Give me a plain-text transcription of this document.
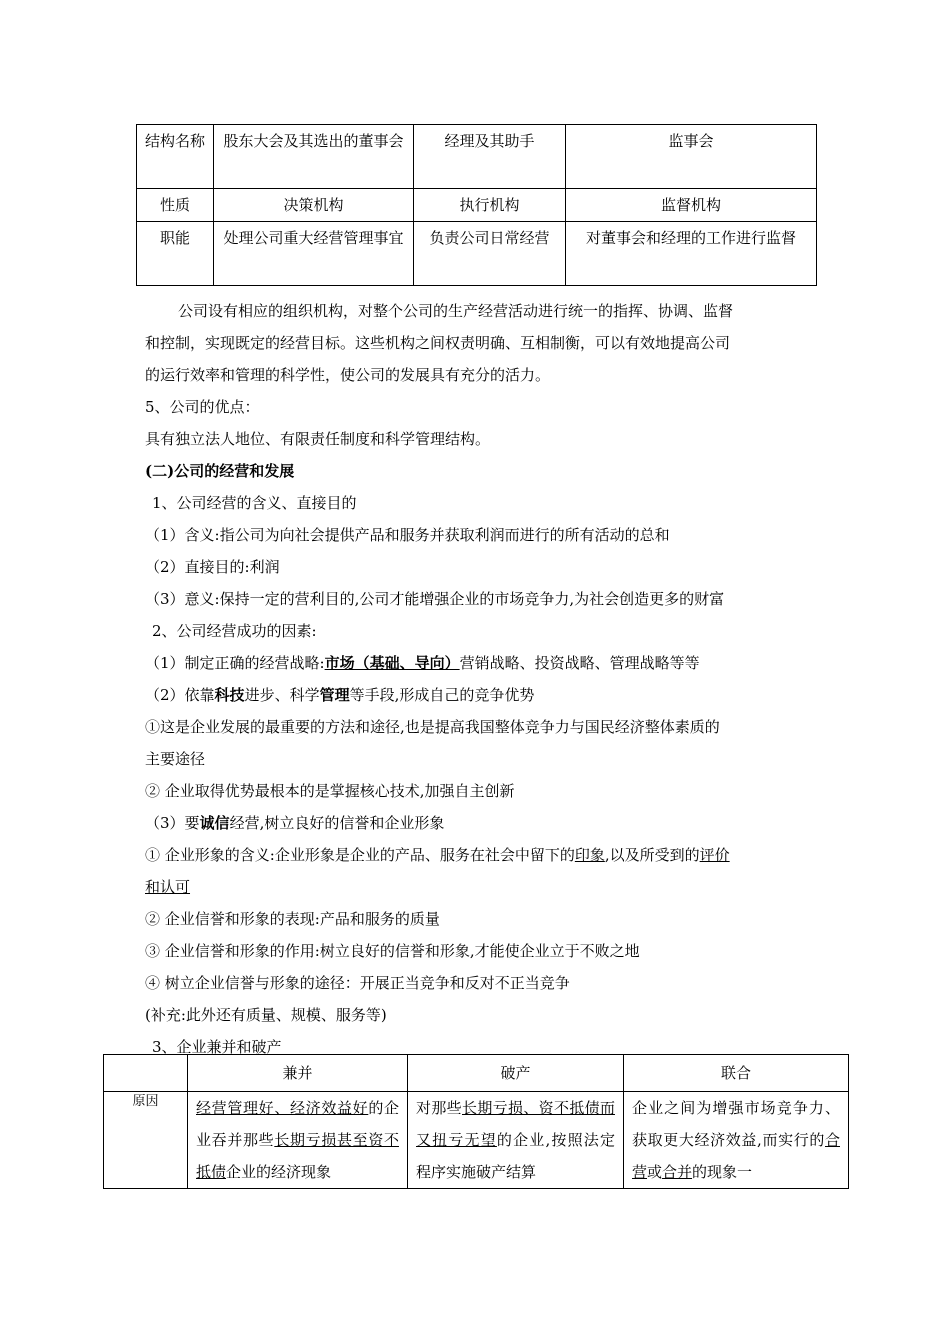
结构名称	股东大会及其选出的董事会	经理及其助手	监事会
性质	决策机构	执行机构	监督机构
职能	处理公司重大经营管理事宜	负责公司日常经营	对董事会和经理的工作进行监督
公司设有相应的组织机构，对整个公司的生产经营活动进行统一的指挥、协调、监督
和控制，实现既定的经营目标。这些机构之间权责明确、互相制衡，可以有效地提高公司
的运行效率和管理的科学性，使公司的发展具有充分的活力。
5、公司的优点：
具有独立法人地位、有限责任制度和科学管理结构。
(二)公司的经营和发展
1、公司经营的含义、直接目的
（1）含义:指公司为向社会提供产品和服务并获取利润而进行的所有活动的总和
（2）直接目的:利润
（3）意义:保持一定的营利目的,公司才能增强企业的市场竞争力,为社会创造更多的财富
2、公司经营成功的因素:
（1）制定正确的经营战略:市场（基础、导向）营销战略、投资战略、管理战略等等
（2）依靠科技进步、科学管理等手段,形成自己的竞争优势
①这是企业发展的最重要的方法和途径,也是提高我国整体竞争力与国民经济整体素质的
主要途径
② 企业取得优势最根本的是掌握核心技术,加强自主创新
（3）要诚信经营,树立良好的信誉和企业形象
① 企业形象的含义:企业形象是企业的产品、服务在社会中留下的印象,以及所受到的评价
和认可
② 企业信誉和形象的表现:产品和服务的质量
③ 企业信誉和形象的作用:树立良好的信誉和形象,才能使企业立于不败之地
④ 树立企业信誉与形象的途径：开展正当竞争和反对不正当竞争
(补充:此外还有质量、规模、服务等)
3、企业兼并和破产
	兼并	破产	联合
原因	经营管理好、经济效益好的企业吞并那些长期亏损甚至资不抵债企业的经济现象	对那些长期亏损、资不抵债而又扭亏无望的企业,按照法定程序实施破产结算	企业之间为增强市场竞争力、获取更大经济效益,而实行的合营或合并的现象一
